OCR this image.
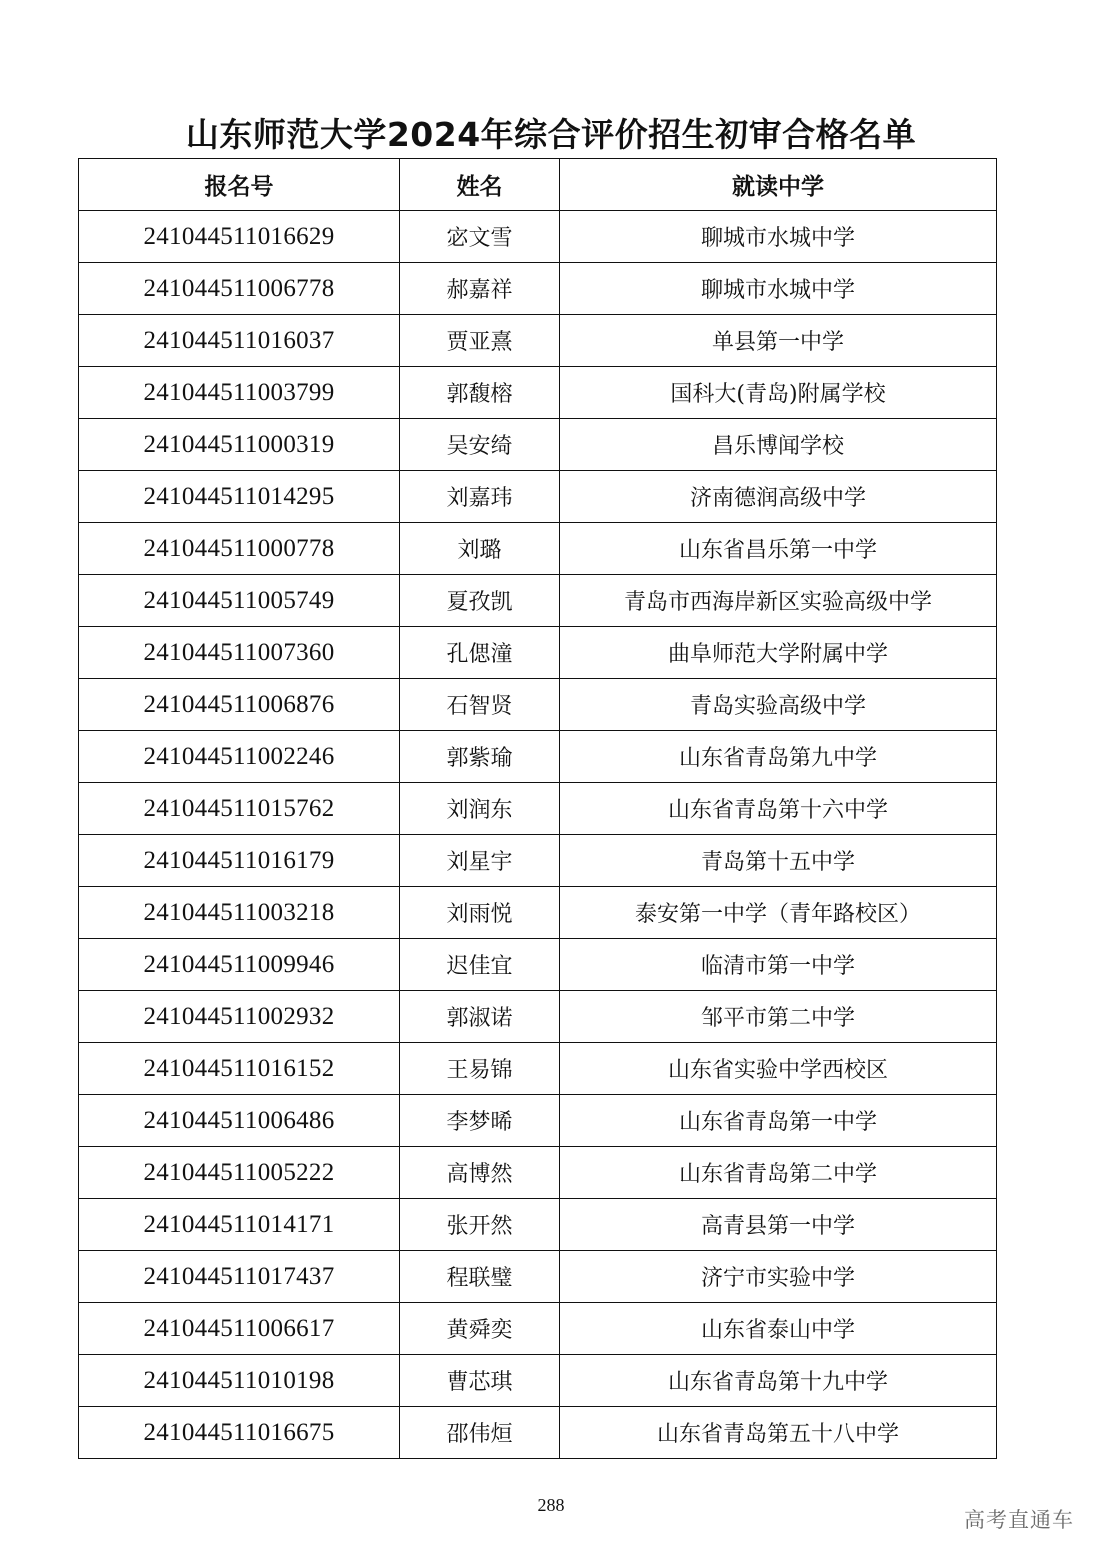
山东师范大学2024年综合评价招生初审合格名单
报名号	姓名	就读中学
241044511016629	宓文雪	聊城市水城中学
241044511006778	郝嘉祥	聊城市水城中学
241044511016037	贾亚熹	单县第一中学
241044511003799	郭馥榕	国科大(青岛)附属学校
241044511000319	吴安绮	昌乐博闻学校
241044511014295	刘嘉玮	济南德润高级中学
241044511000778	刘璐	山东省昌乐第一中学
241044511005749	夏孜凯	青岛市西海岸新区实验高级中学
241044511007360	孔偲潼	曲阜师范大学附属中学
241044511006876	石智贤	青岛实验高级中学
241044511002246	郭紫瑜	山东省青岛第九中学
241044511015762	刘润东	山东省青岛第十六中学
241044511016179	刘星宇	青岛第十五中学
241044511003218	刘雨悦	泰安第一中学（青年路校区）
241044511009946	迟佳宜	临清市第一中学
241044511002932	郭淑诺	邹平市第二中学
241044511016152	王易锦	山东省实验中学西校区
241044511006486	李梦晞	山东省青岛第一中学
241044511005222	高博然	山东省青岛第二中学
241044511014171	张开然	高青县第一中学
241044511017437	程联璧	济宁市实验中学
241044511006617	黄舜奕	山东省泰山中学
241044511010198	曹芯琪	山东省青岛第十九中学
241044511016675	邵伟烜	山东省青岛第五十八中学
288
高考直通车
